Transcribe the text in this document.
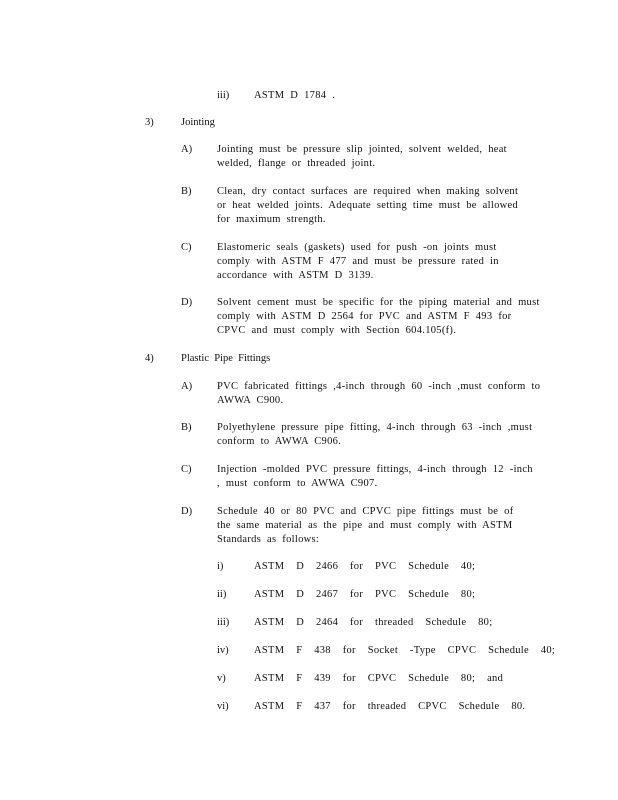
iii) ASTM D 1784 .
3)	Jointing
A) Jointing must be pressure slip jointed, solvent welded, heat welded, flange or threaded joint.
B) Clean, dry contact surfaces are required when making solvent or heat welded joints. Adequate setting time must be allowed for maximum strength.
C) Elastomeric seals (gaskets) used for push -on joints must comply with ASTM F 477 and must be pressure rated in accordance with ASTM D 3139.
D) Solvent cement must be specific for the piping material and must comply with ASTM D 2564 for PVC and ASTM F 493 for CPVC and must comply with Section 604.105(f).
4)	Plastic  Pipe  Fittings
A) PVC fabricated fittings ,4-inch through 60 -inch ,must conform to AWWA C900.
B) Polyethylene pressure pipe fitting, 4-inch through 63 -inch ,must conform to AWWA C906.
C) Injection -molded PVC pressure fittings, 4-inch through 12 -inch , must conform to AWWA C907.
D) Schedule 40 or 80 PVC and CPVC pipe fittings must be of the same material as the pipe and must comply with ASTM Standards as follows:
i)	ASTM  D  2466  for  PVC  Schedule  40;
ii)	ASTM  D  2467  for  PVC  Schedule  80;
iii) ASTM  D  2464  for  threaded  Schedule  80;
iv) ASTM  F  438  for  Socket  -Type  CPVC  Schedule  40;
v)	ASTM  F  439  for  CPVC  Schedule  80;  and
vi) ASTM  F  437  for  threaded  CPVC  Schedule  80.
